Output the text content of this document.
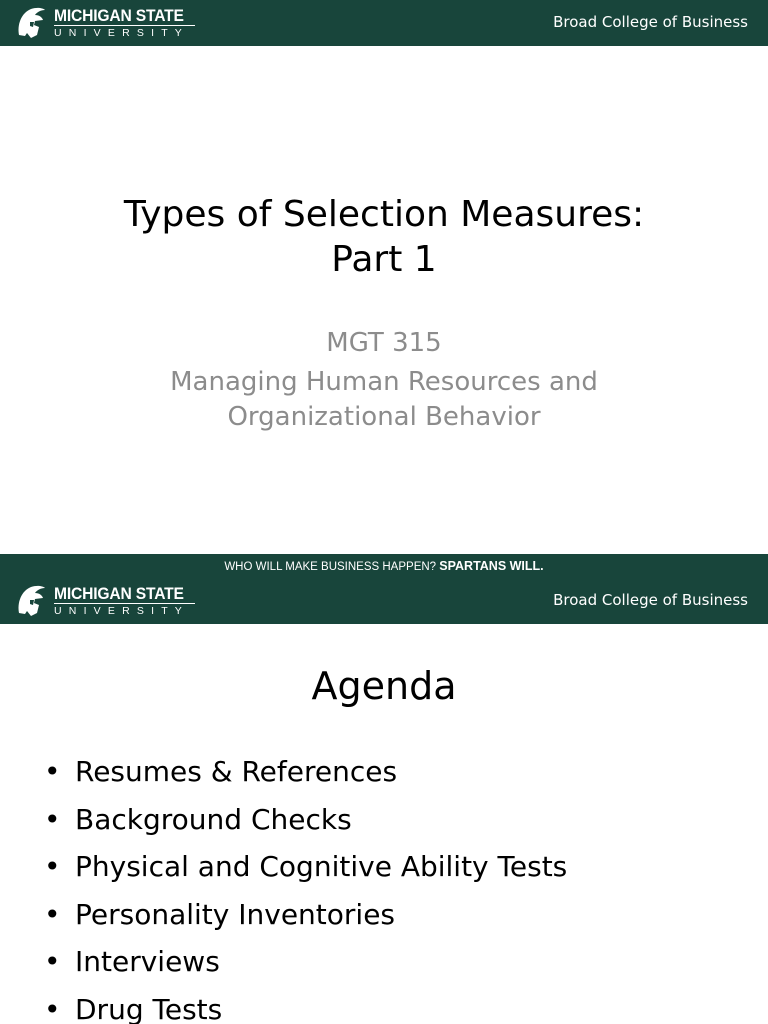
MICHIGAN STATE
UNIVERSITY
Broad College of Business
Types of Selection Measures:
Part 1
MGT 315
Managing Human Resources and
Organizational Behavior
WHO WILL MAKE BUSINESS HAPPEN? SPARTANS WILL.
MICHIGAN STATE
UNIVERSITY
Broad College of Business
Agenda
• Resumes & References
• Background Checks
• Physical and Cognitive Ability Tests
• Personality Inventories
• Interviews
• Drug Tests
